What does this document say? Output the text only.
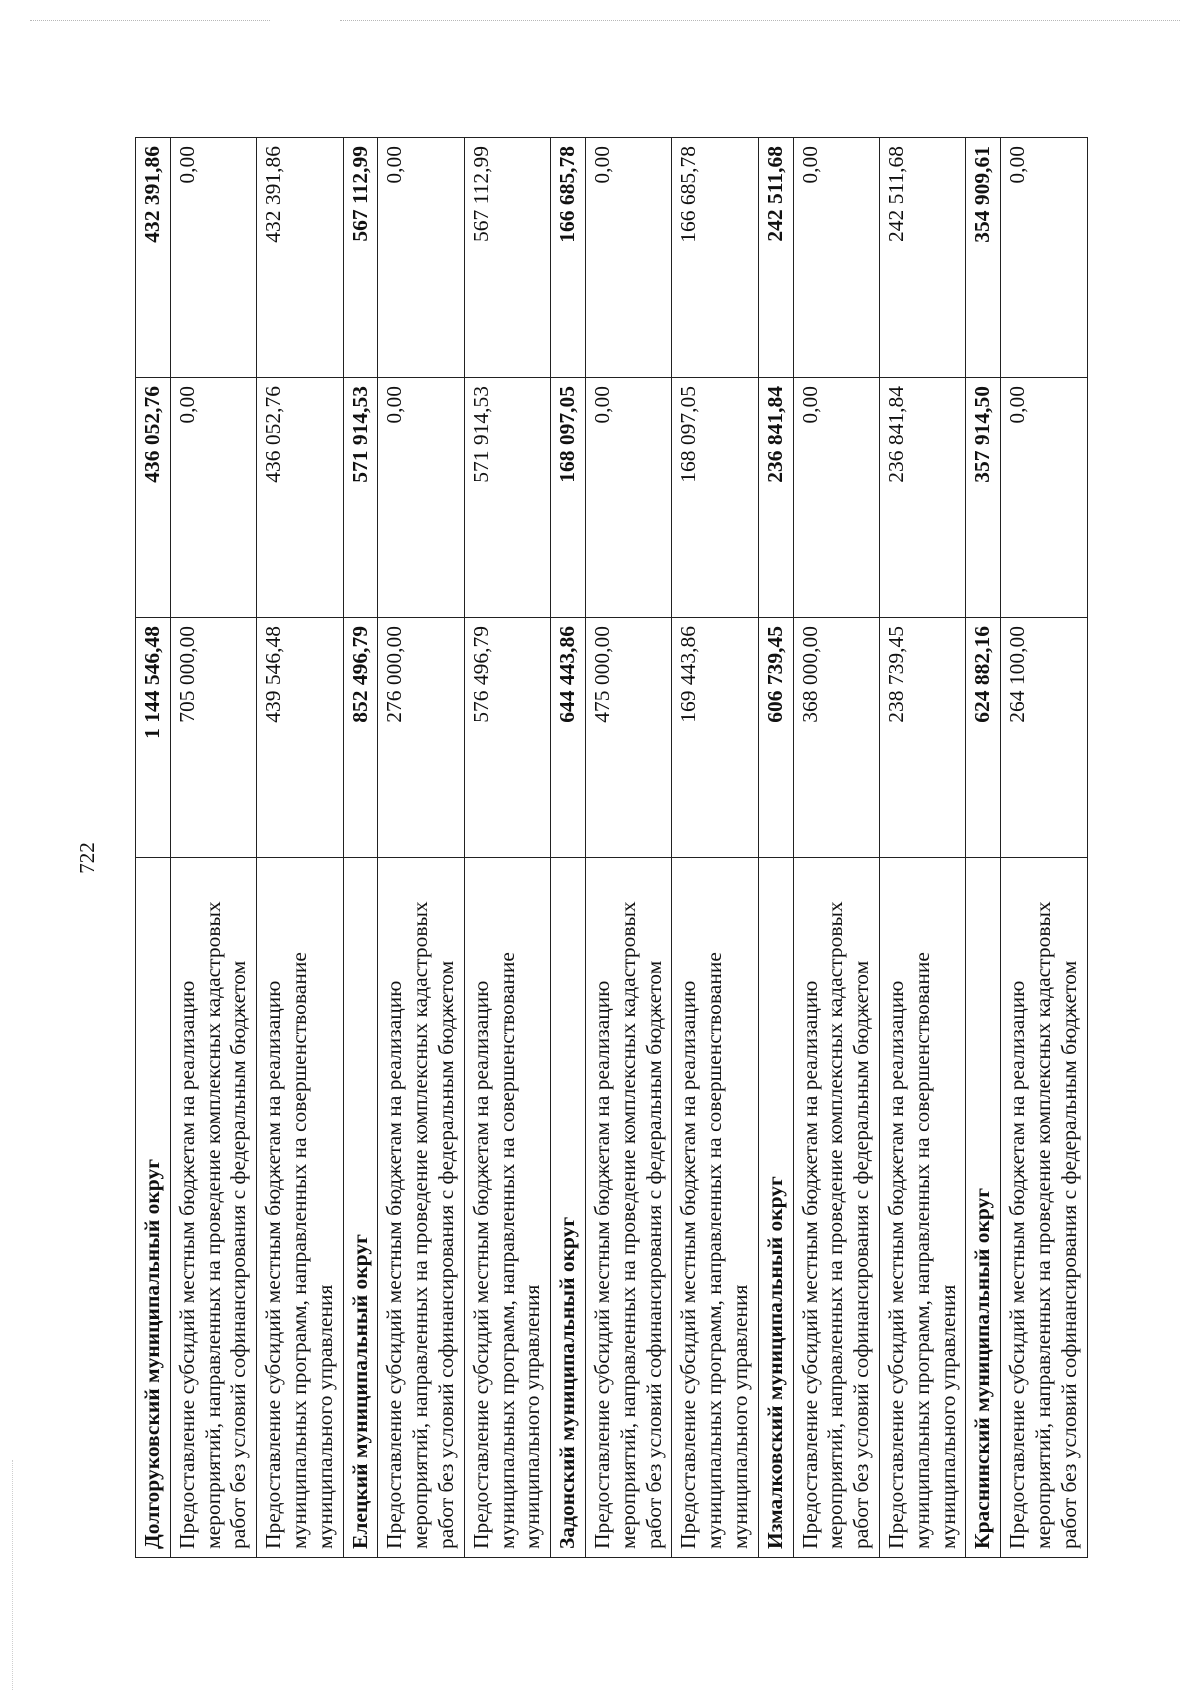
722
Долгоруковский муниципальный округ	1 144 546,48	436 052,76	432 391,86
Предоставление субсидий местным бюджетам на реализацию мероприятий, направленных на проведение комплексных кадастровых работ без условий софинансирования с федеральным бюджетом	705 000,00	0,00	0,00
Предоставление субсидий местным бюджетам на реализацию муниципальных программ, направленных на совершенствование муниципального управления	439 546,48	436 052,76	432 391,86
Елецкий муниципальный округ	852 496,79	571 914,53	567 112,99
Предоставление субсидий местным бюджетам на реализацию мероприятий, направленных на проведение комплексных кадастровых работ без условий софинансирования с федеральным бюджетом	276 000,00	0,00	0,00
Предоставление субсидий местным бюджетам на реализацию муниципальных программ, направленных на совершенствование муниципального управления	576 496,79	571 914,53	567 112,99
Задонский муниципальный округ	644 443,86	168 097,05	166 685,78
Предоставление субсидий местным бюджетам на реализацию мероприятий, направленных на проведение комплексных кадастровых работ без условий софинансирования с федеральным бюджетом	475 000,00	0,00	0,00
Предоставление субсидий местным бюджетам на реализацию муниципальных программ, направленных на совершенствование муниципального управления	169 443,86	168 097,05	166 685,78
Измалковский муниципальный округ	606 739,45	236 841,84	242 511,68
Предоставление субсидий местным бюджетам на реализацию мероприятий, направленных на проведение комплексных кадастровых работ без условий софинансирования с федеральным бюджетом	368 000,00	0,00	0,00
Предоставление субсидий местным бюджетам на реализацию муниципальных программ, направленных на совершенствование муниципального управления	238 739,45	236 841,84	242 511,68
Краснинский муниципальный округ	624 882,16	357 914,50	354 909,61
Предоставление субсидий местным бюджетам на реализацию мероприятий, направленных на проведение комплексных кадастровых работ без условий софинансирования с федеральным бюджетом	264 100,00	0,00	0,00
